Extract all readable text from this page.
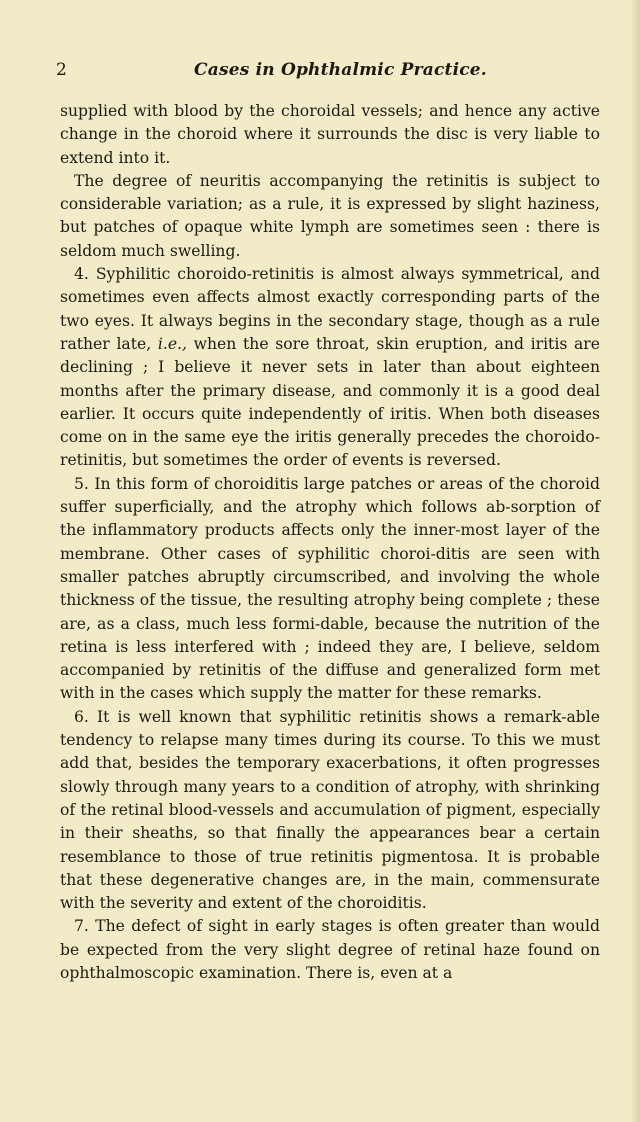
2	Cases in Ophthalmic Practice.

supplied with blood by the choroidal vessels; and hence any active change in the choroid where it surrounds the disc is very liable to extend into it.

The degree of neuritis accompanying the retinitis is subject to considerable variation; as a rule, it is expressed by slight haziness, but patches of opaque white lymph are sometimes seen : there is seldom much swelling.

4. Syphilitic choroido-retinitis is almost always symmetrical, and sometimes even affects almost exactly corresponding parts of the two eyes. It always begins in the secondary stage, though as a rule rather late, i.e., when the sore throat, skin eruption, and iritis are declining ; I believe it never sets in later than about eighteen months after the primary disease, and commonly it is a good deal earlier. It occurs quite independently of iritis. When both diseases come on in the same eye the iritis generally precedes the choroido-retinitis, but sometimes the order of events is reversed.

5. In this form of choroiditis large patches or areas of the choroid suffer superficially, and the atrophy which follows ab-sorption of the inflammatory products affects only the inner-most layer of the membrane. Other cases of syphilitic choroi-ditis are seen with smaller patches abruptly circumscribed, and involving the whole thickness of the tissue, the resulting atrophy being complete ; these are, as a class, much less formi-dable, because the nutrition of the retina is less interfered with ; indeed they are, I believe, seldom accompanied by retinitis of the diffuse and generalized form met with in the cases which supply the matter for these remarks.

6. It is well known that syphilitic retinitis shows a remark-able tendency to relapse many times during its course. To this we must add that, besides the temporary exacerbations, it often progresses slowly through many years to a condition of atrophy, with shrinking of the retinal blood-vessels and accumulation of pigment, especially in their sheaths, so that finally the appearances bear a certain resemblance to those of true retinitis pigmentosa. It is probable that these degenerative changes are, in the main, commensurate with the severity and extent of the choroiditis.

7. The defect of sight in early stages is often greater than would be expected from the very slight degree of retinal haze found on ophthalmoscopic examination. There is, even at a
